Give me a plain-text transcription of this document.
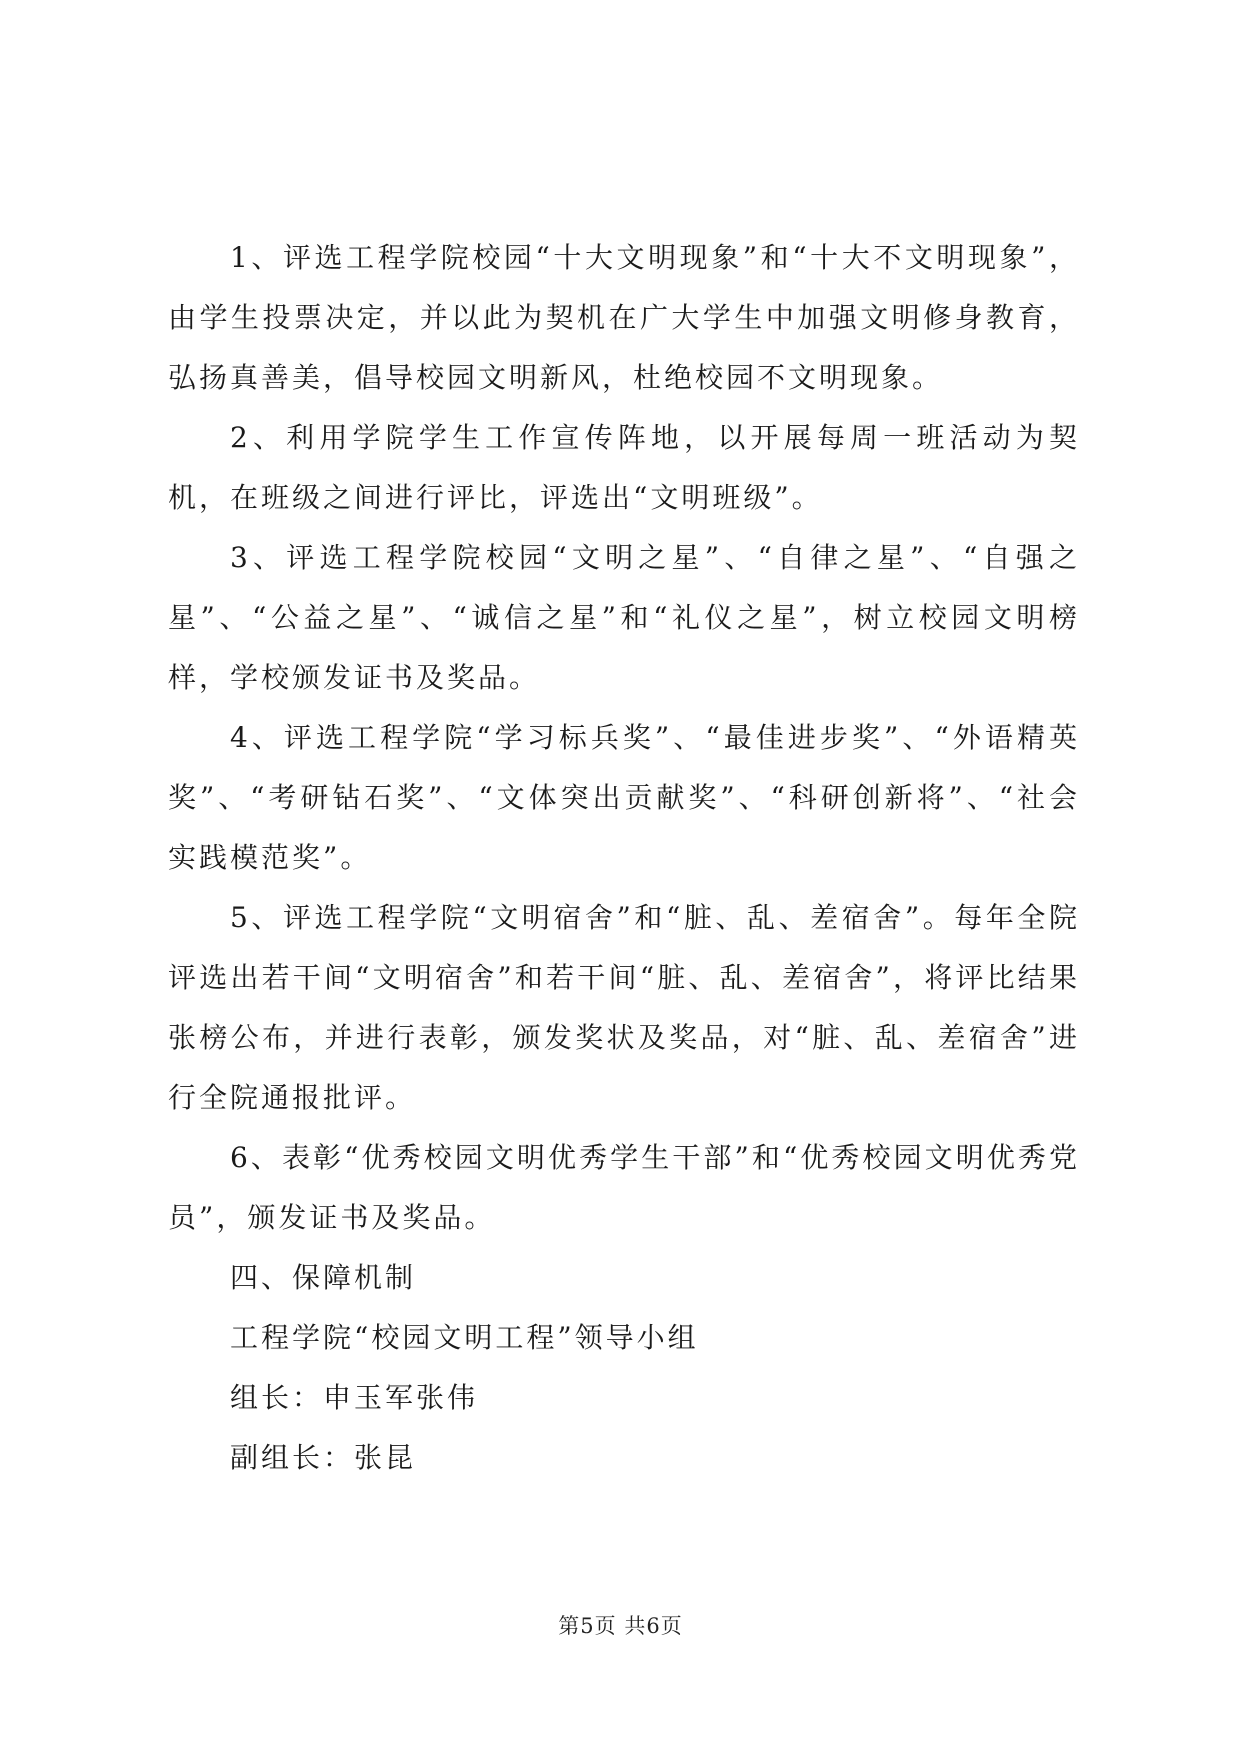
1、评选工程学院校园“十大文明现象”和“十大不文明现象”，由学生投票决定，并以此为契机在广大学生中加强文明修身教育，弘扬真善美，倡导校园文明新风，杜绝校园不文明现象。

2、利用学院学生工作宣传阵地，以开展每周一班活动为契机，在班级之间进行评比，评选出“文明班级”。

3、评选工程学院校园“文明之星”、“自律之星”、“自强之星”、“公益之星”、“诚信之星”和“礼仪之星”，树立校园文明榜样，学校颁发证书及奖品。

4、评选工程学院“学习标兵奖”、“最佳进步奖”、“外语精英奖”、“考研钻石奖”、“文体突出贡献奖”、“科研创新将”、“社会实践模范奖”。

5、评选工程学院“文明宿舍”和“脏、乱、差宿舍”。每年全院评选出若干间“文明宿舍”和若干间“脏、乱、差宿舍”，将评比结果张榜公布，并进行表彰，颁发奖状及奖品，对“脏、乱、差宿舍”进行全院通报批评。

6、表彰“优秀校园文明优秀学生干部”和“优秀校园文明优秀党员”，颁发证书及奖品。

四、保障机制

工程学院“校园文明工程”领导小组

组长：申玉军张伟

副组长：张昆

第5页 共6页
